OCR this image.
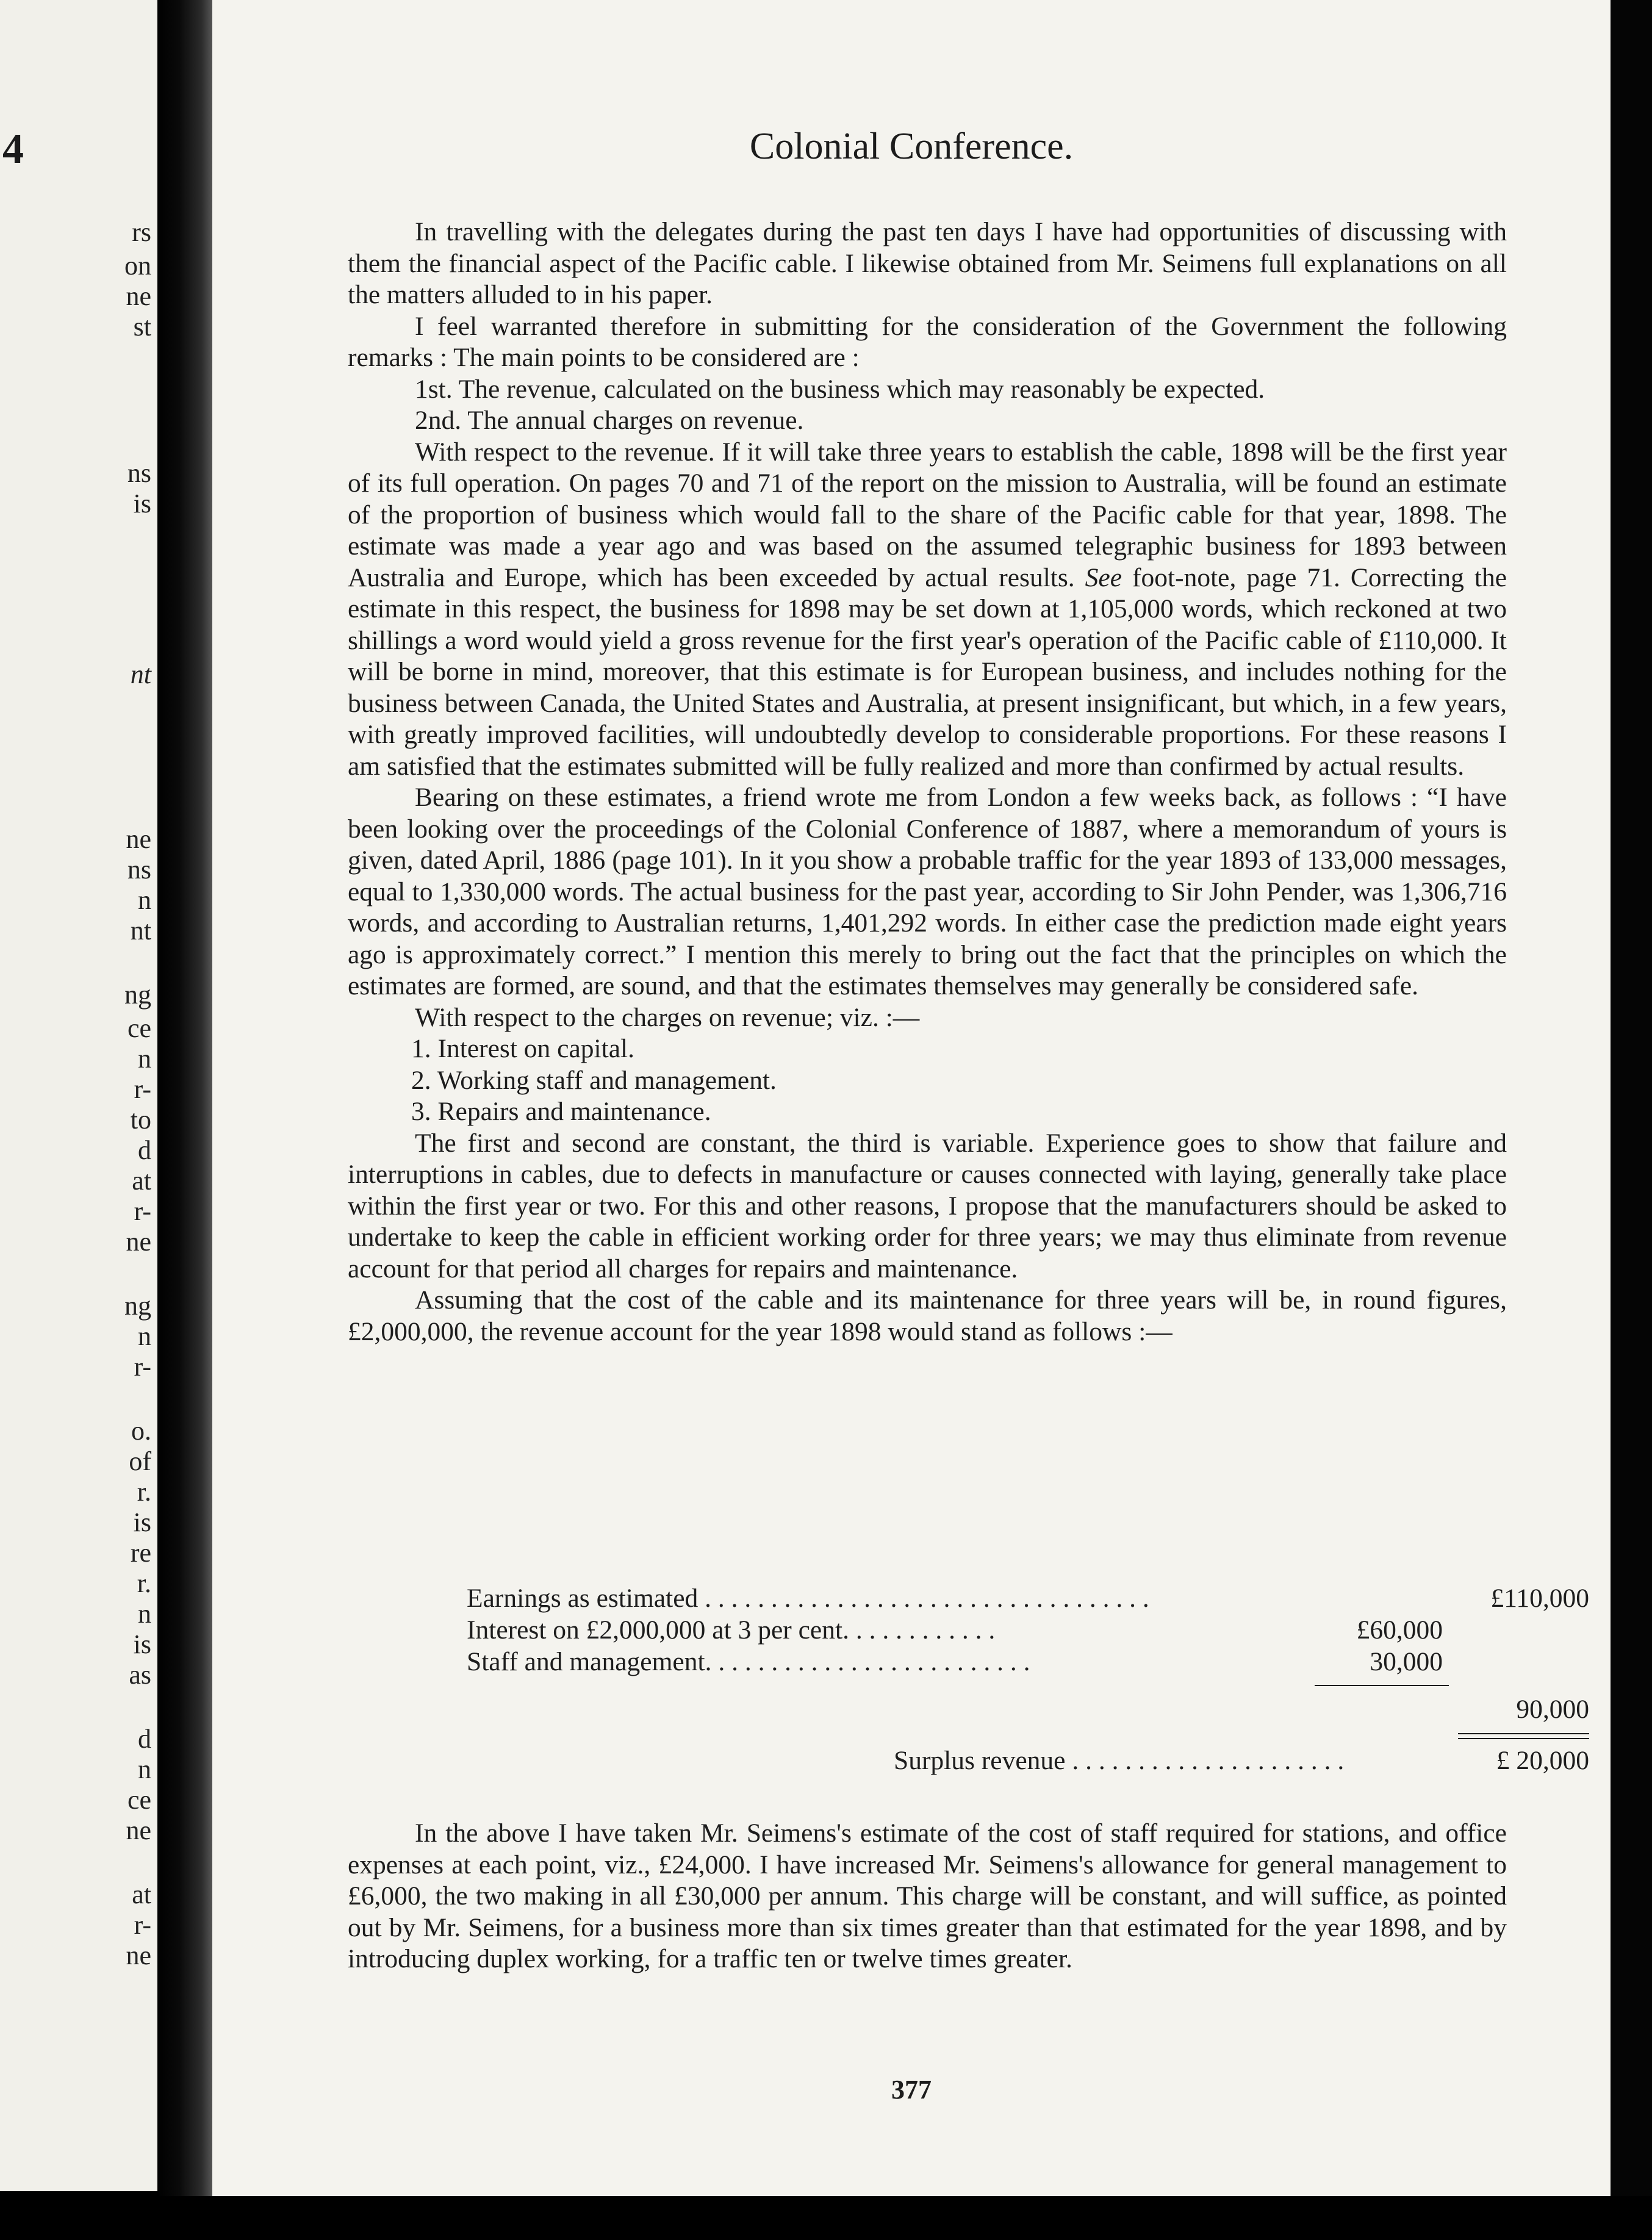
4
rs
on
ne
st
ns
is
nt
ne
ns
n
nt
ng
ce
n
r-
to
d
at
r-
ne
ng
n
r-
o.
of
r.
is
re
r.
n
is
as
d
n
ce
ne
at
r-
ne
Colonial Conference.

In travelling with the delegates during the past ten days I have had opportunities of discussing with them the financial aspect of the Pacific cable. I likewise obtained from Mr. Seimens full explanations on all the matters alluded to in his paper.

I feel warranted therefore in submitting for the consideration of the Government the following remarks : The main points to be considered are :

1st. The revenue, calculated on the business which may reasonably be expected.

2nd. The annual charges on revenue.

With respect to the revenue. If it will take three years to establish the cable, 1898 will be the first year of its full operation. On pages 70 and 71 of the report on the mission to Australia, will be found an estimate of the proportion of business which would fall to the share of the Pacific cable for that year, 1898. The estimate was made a year ago and was based on the assumed telegraphic business for 1893 between Australia and Europe, which has been exceeded by actual results. See foot-note, page 71. Correcting the estimate in this respect, the business for 1898 may be set down at 1,105,000 words, which reckoned at two shillings a word would yield a gross revenue for the first year's operation of the Pacific cable of £110,000. It will be borne in mind, moreover, that this estimate is for European business, and includes nothing for the business between Canada, the United States and Australia, at present insignificant, but which, in a few years, with greatly improved facilities, will undoubtedly develop to considerable proportions. For these reasons I am satisfied that the estimates submitted will be fully realized and more than confirmed by actual results.

Bearing on these estimates, a friend wrote me from London a few weeks back, as follows : “I have been looking over the proceedings of the Colonial Conference of 1887, where a memorandum of yours is given, dated April, 1886 (page 101). In it you show a probable traffic for the year 1893 of 133,000 messages, equal to 1,330,000 words. The actual business for the past year, according to Sir John Pender, was 1,306,716 words, and according to Australian returns, 1,401,292 words. In either case the prediction made eight years ago is approximately correct.” I mention this merely to bring out the fact that the principles on which the estimates are formed, are sound, and that the estimates themselves may generally be considered safe.

With respect to the charges on revenue; viz. :—

1. Interest on capital.

2. Working staff and management.

3. Repairs and maintenance.

The first and second are constant, the third is variable. Experience goes to show that failure and interruptions in cables, due to defects in manufacture or causes connected with laying, generally take place within the first year or two. For this and other reasons, I propose that the manufacturers should be asked to undertake to keep the cable in efficient working order for three years; we may thus eliminate from revenue account for that period all charges for repairs and maintenance.

Assuming that the cost of the cable and its maintenance for three years will be, in round figures, £2,000,000, the revenue account for the year 1898 would stand as follows :—

Earnings as estimated . . . . . . . . . . . . . . . . . . . . . . . . . . . . . . . . . .	£110,000
Interest on £2,000,000 at 3 per cent. . . . . . . . . . . .	£60,000
Staff and management. . . . . . . . . . . . . . . . . . . . . . . . .	30,000
90,000
Surplus revenue . . . . . . . . . . . . . . . . . . . . .	£ 20,000

In the above I have taken Mr. Seimens's estimate of the cost of staff required for stations, and office expenses at each point, viz., £24,000. I have increased Mr. Seimens's allowance for general management to £6,000, the two making in all £30,000 per annum. This charge will be constant, and will suffice, as pointed out by Mr. Seimens, for a business more than six times greater than that estimated for the year 1898, and by introducing duplex working, for a traffic ten or twelve times greater.

377
